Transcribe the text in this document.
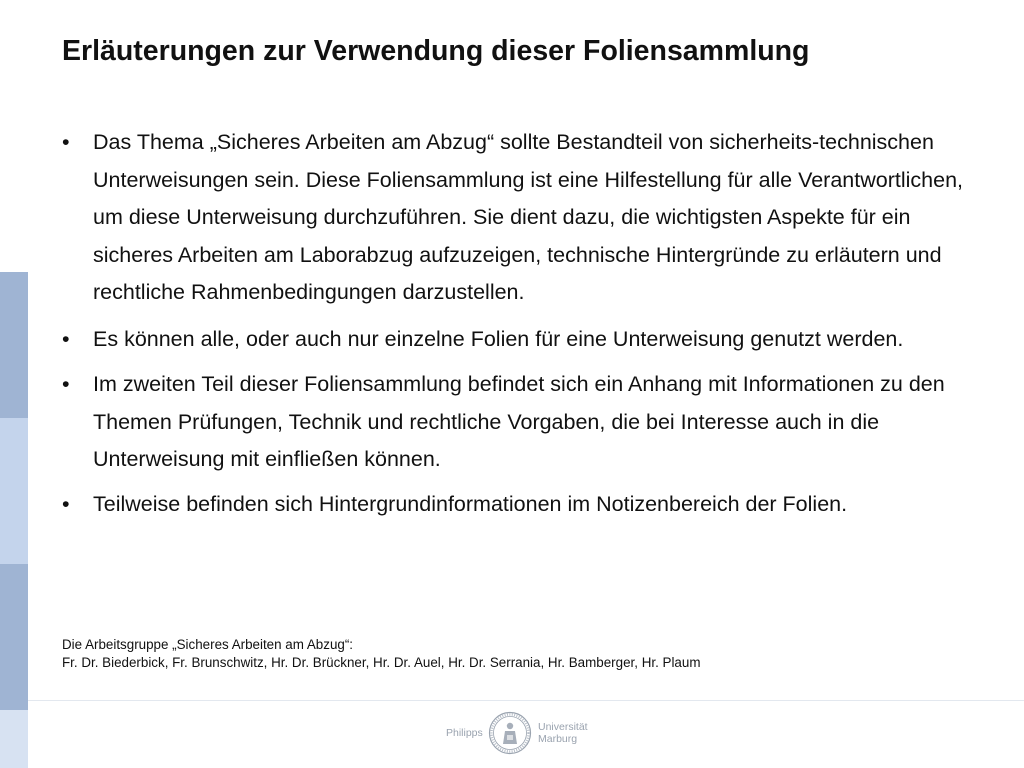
Erläuterungen zur Verwendung dieser Foliensammlung
•	Das Thema „Sicheres Arbeiten am Abzug“ sollte Bestandteil von sicherheits-technischen Unterweisungen sein. Diese Foliensammlung ist eine Hilfestellung für alle Verantwortlichen, um diese Unterweisung durchzuführen. Sie dient dazu, die wichtigsten Aspekte für ein sicheres Arbeiten am Laborabzug aufzuzeigen, technische Hintergründe zu erläutern und rechtliche Rahmenbedingungen darzustellen.
•	Es können alle, oder auch nur einzelne Folien für eine Unterweisung genutzt werden.
•	Im zweiten Teil dieser Foliensammlung befindet sich ein Anhang mit Informationen zu den Themen Prüfungen, Technik und rechtliche Vorgaben, die bei Interesse auch in die Unterweisung mit einfließen können.
•	Teilweise befinden sich Hintergrundinformationen im Notizenbereich der Folien.
Die Arbeitsgruppe „Sicheres Arbeiten am Abzug“:
Fr. Dr. Biederbick, Fr. Brunschwitz, Hr. Dr. Brückner, Hr. Dr. Auel, Hr. Dr. Serrania, Hr. Bamberger, Hr. Plaum
Philipps	Universität
Marburg
